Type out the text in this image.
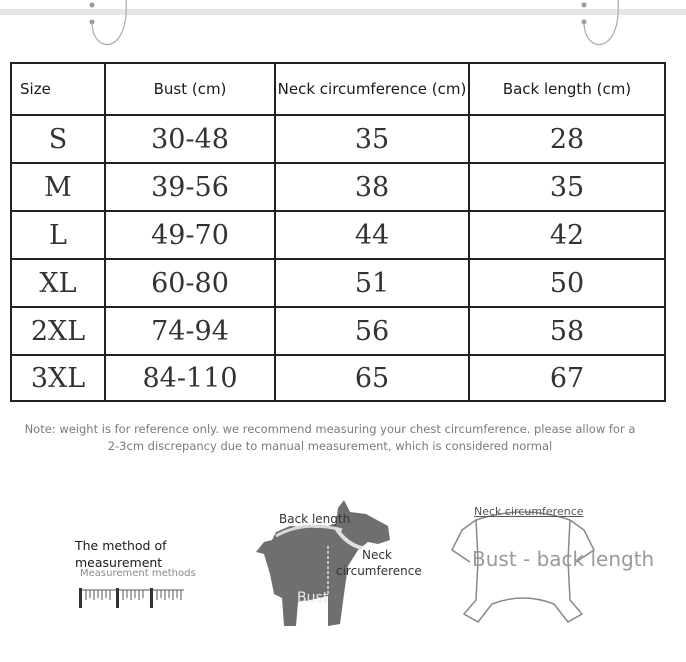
Size	Bust (cm)	Neck circumference (cm)	Back length (cm)
S	30-48	35	28
M	39-56	38	35
L	49-70	44	42
XL	60-80	51	50
2XL	74-94	56	58
3XL	84-110	65	67
Note: weight is for reference only. we recommend measuring your chest circumference. please allow for a 2-3cm discrepancy due to manual measurement, which is considered normal
The method of measurement
Measurement methods
Back length
Neck
circumference
Bust
Neck circumference
Bust - back length
